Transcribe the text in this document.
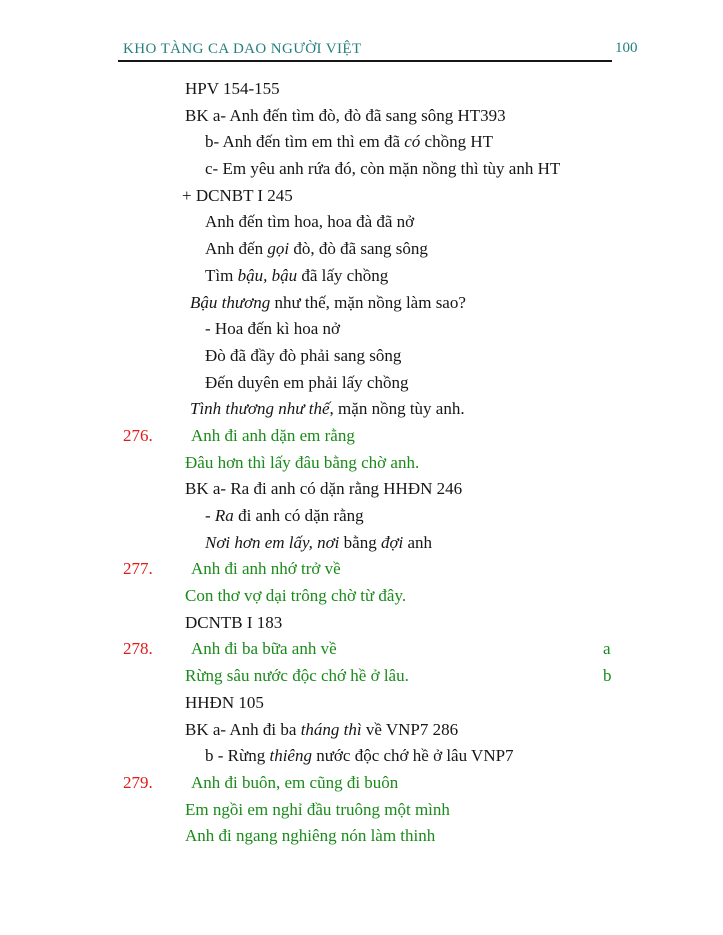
KHO TÀNG CA DAO NGƯỜI VIỆT	100
HPV 154-155
BK a- Anh đến tìm đò, đò đã sang sông HT393
b- Anh đến tìm em thì em đã có chồng HT
c- Em yêu anh rứa đó, còn mặn nồng thì tùy anh HT
+ DCNBT I 245
Anh đến tìm hoa, hoa đà đã nở
Anh đến gọi đò, đò đã sang sông
Tìm bậu, bậu đã lấy chồng
Bậu thương như thế, mặn nồng làm sao?
- Hoa đến kì hoa nở
Đò đã đầy đò phải sang sông
Đến duyên em phải lấy chồng
Tình thương như thế, mặn nồng tùy anh.
276. Anh đi anh dặn em rằng
Đâu hơn thì lấy đâu bằng chờ anh.
BK a- Ra đi anh có dặn rằng HHĐN 246
- Ra đi anh có dặn rằng
Nơi hơn em lấy, nơi bằng đợi anh
277. Anh đi anh nhớ trở về
Con thơ vợ dại trông chờ từ đây.
DCNTB I 183
278. Anh đi ba bữa anh về	a
Rừng sâu nước độc chớ hề ở lâu.	b
HHĐN 105
BK a- Anh đi ba tháng thì về VNP7 286
b - Rừng thiêng nước độc chớ hề ở lâu VNP7
279. Anh đi buôn, em cũng đi buôn
Em ngồi em nghỉ đầu truông một mình
Anh đi ngang nghiêng nón làm thinh
